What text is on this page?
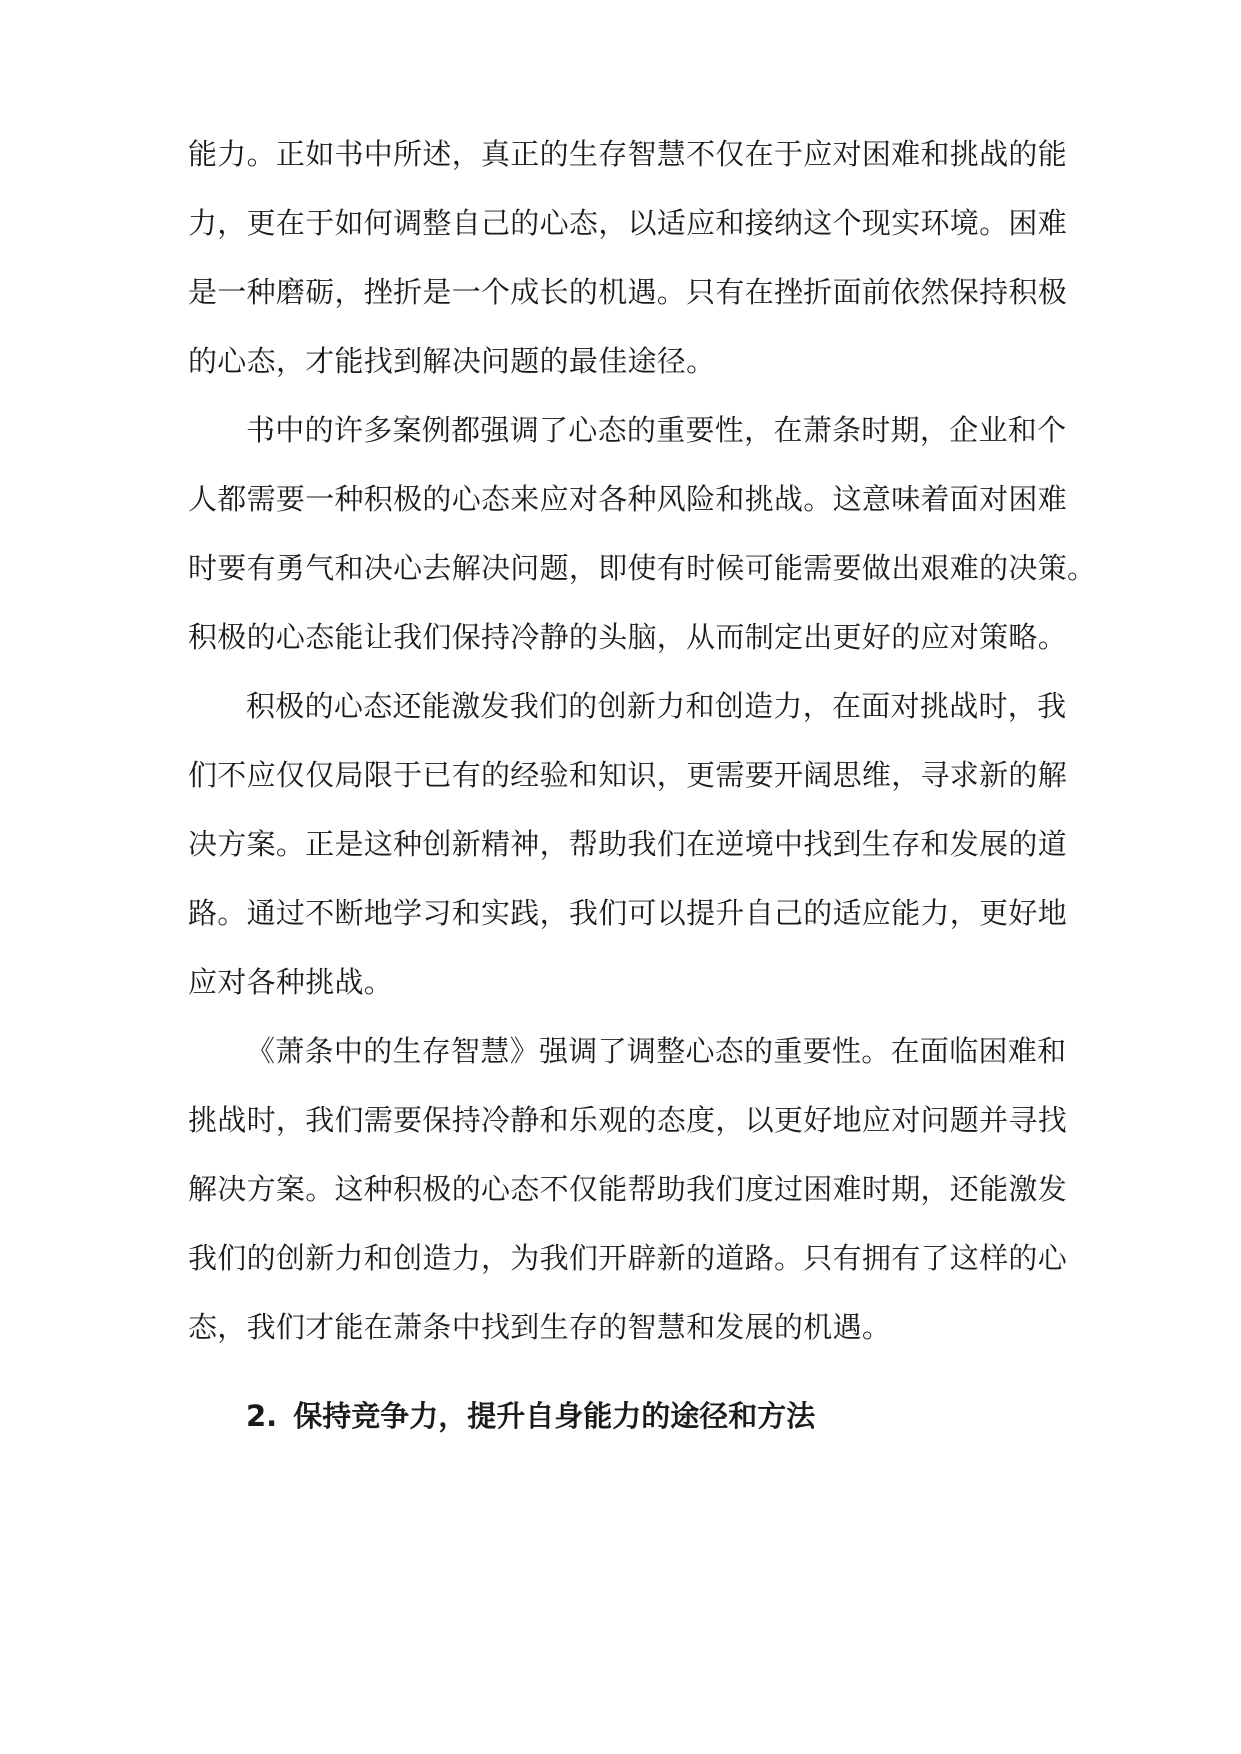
能力。正如书中所述，真正的生存智慧不仅在于应对困难和挑战的能
力，更在于如何调整自己的心态，以适应和接纳这个现实环境。困难
是一种磨砺，挫折是一个成长的机遇。只有在挫折面前依然保持积极
的心态，才能找到解决问题的最佳途径。
书中的许多案例都强调了心态的重要性，在萧条时期，企业和个
人都需要一种积极的心态来应对各种风险和挑战。这意味着面对困难
时要有勇气和决心去解决问题，即使有时候可能需要做出艰难的决策。
积极的心态能让我们保持冷静的头脑，从而制定出更好的应对策略。
积极的心态还能激发我们的创新力和创造力，在面对挑战时，我
们不应仅仅局限于已有的经验和知识，更需要开阔思维，寻求新的解
决方案。正是这种创新精神，帮助我们在逆境中找到生存和发展的道
路。通过不断地学习和实践，我们可以提升自己的适应能力，更好地
应对各种挑战。
《萧条中的生存智慧》强调了调整心态的重要性。在面临困难和
挑战时，我们需要保持冷静和乐观的态度，以更好地应对问题并寻找
解决方案。这种积极的心态不仅能帮助我们度过困难时期，还能激发
我们的创新力和创造力，为我们开辟新的道路。只有拥有了这样的心
态，我们才能在萧条中找到生存的智慧和发展的机遇。
2. 保持竞争力，提升自身能力的途径和方法
